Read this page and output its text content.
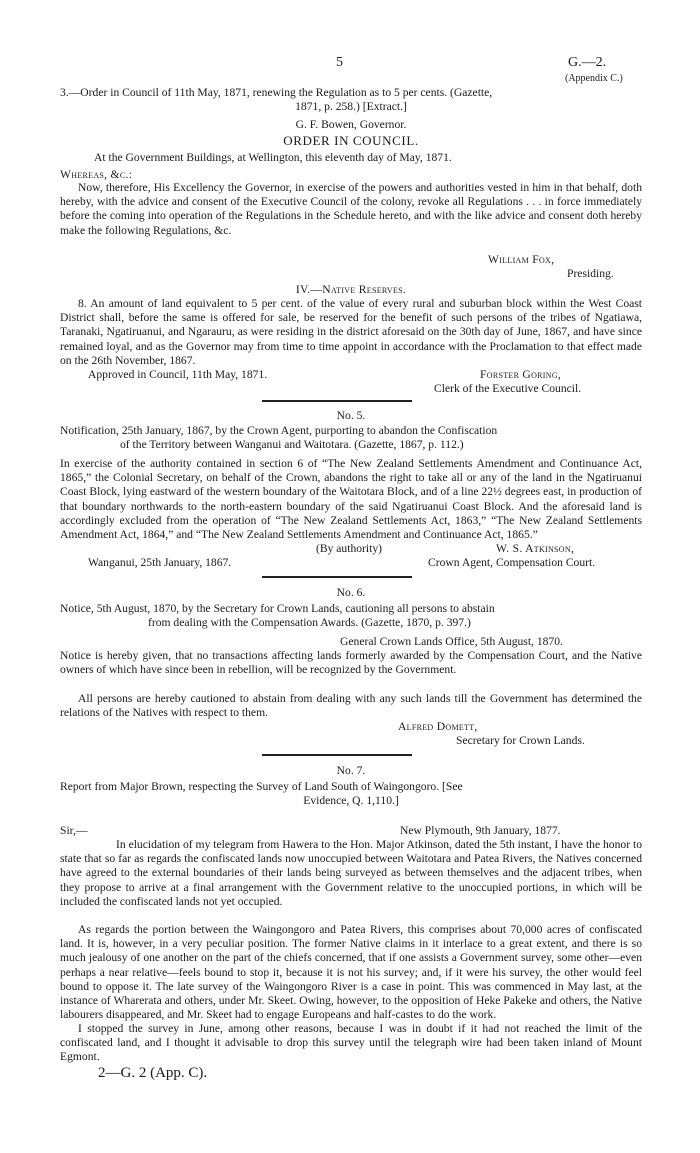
5	G.—2.
(Appendix C.)
3.—Order in Council of 11th May, 1871, renewing the Regulation as to 5 per cents. (Gazette,
1871, p. 258.) [Extract.]
G. F. Bowen, Governor.
ORDER IN COUNCIL.
At the Government Buildings, at Wellington, this eleventh day of May, 1871.
Whereas, &c.:
Now, therefore, His Excellency the Governor, in exercise of the powers and authorities vested in him in that behalf, doth hereby, with the advice and consent of the Executive Council of the colony, revoke all Regulations . . . in force immediately before the coming into operation of the Regulations in the Schedule hereto, and with the like advice and consent doth hereby make the following Regulations, &c.
William Fox,
Presiding.
IV.—Native Reserves.
8. An amount of land equivalent to 5 per cent. of the value of every rural and suburban block within the West Coast District shall, before the same is offered for sale, be reserved for the benefit of such persons of the tribes of Ngatiawa, Taranaki, Ngatiruanui, and Ngarauru, as were residing in the district aforesaid on the 30th day of June, 1867, and have since remained loyal, and as the Governor may from time to time appoint in accordance with the Proclamation to that effect made on the 26th November, 1867.
Approved in Council, 11th May, 1871.	Forster Goring,
Clerk of the Executive Council.
No. 5.
Notification, 25th January, 1867, by the Crown Agent, purporting to abandon the Confiscation
of the Territory between Wanganui and Waitotara. (Gazette, 1867, p. 112.)
In exercise of the authority contained in section 6 of “The New Zealand Settlements Amendment and Continuance Act, 1865,” the Colonial Secretary, on behalf of the Crown, abandons the right to take all or any of the land in the Ngatiruanui Coast Block, lying eastward of the western boundary of the Waitotara Block, and of a line 22½ degrees east, in production of that boundary northwards to the north-eastern boundary of the said Ngatiruanui Coast Block. And the aforesaid land is accordingly excluded from the operation of “The New Zealand Settlements Act, 1863,” “The New Zealand Settlements Amendment Act, 1864,” and “The New Zealand Settlements Amendment and Continuance Act, 1865.”
(By authority)	W. S. Atkinson,
Wanganui, 25th January, 1867.	Crown Agent, Compensation Court.
No. 6.
Notice, 5th August, 1870, by the Secretary for Crown Lands, cautioning all persons to abstain
from dealing with the Compensation Awards. (Gazette, 1870, p. 397.)
General Crown Lands Office, 5th August, 1870.
Notice is hereby given, that no transactions affecting lands formerly awarded by the Compensation Court, and the Native owners of which have since been in rebellion, will be recognized by the Government.
All persons are hereby cautioned to abstain from dealing with any such lands till the Government has determined the relations of the Natives with respect to them.
Alfred Domett,
Secretary for Crown Lands.
No. 7.
Report from Major Brown, respecting the Survey of Land South of Waingongoro. [See
Evidence, Q. 1,110.]
Sir,—	New Plymouth, 9th January, 1877.
In elucidation of my telegram from Hawera to the Hon. Major Atkinson, dated the 5th instant, I have the honor to state that so far as regards the confiscated lands now unoccupied between Waitotara and Patea Rivers, the Natives concerned have agreed to the external boundaries of their lands being surveyed as between themselves and the adjacent tribes, when they propose to arrive at a final arrangement with the Government relative to the unoccupied portions, in which will be included the confiscated lands not yet occupied.
As regards the portion between the Waingongoro and Patea Rivers, this comprises about 70,000 acres of confiscated land. It is, however, in a very peculiar position. The former Native claims in it interlace to a great extent, and there is so much jealousy of one another on the part of the chiefs concerned, that if one assists a Government survey, some other—even perhaps a near relative—feels bound to stop it, because it is not his survey; and, if it were his survey, the other would feel bound to oppose it. The late survey of the Waingongoro River is a case in point. This was commenced in May last, at the instance of Wharerata and others, under Mr. Skeet. Owing, however, to the opposition of Heke Pakeke and others, the Native labourers disappeared, and Mr. Skeet had to engage Europeans and half-castes to do the work.
I stopped the survey in June, among other reasons, because I was in doubt if it had not reached the limit of the confiscated land, and I thought it advisable to drop this survey until the telegraph wire had been taken inland of Mount Egmont.
2—G. 2 (App. C).
